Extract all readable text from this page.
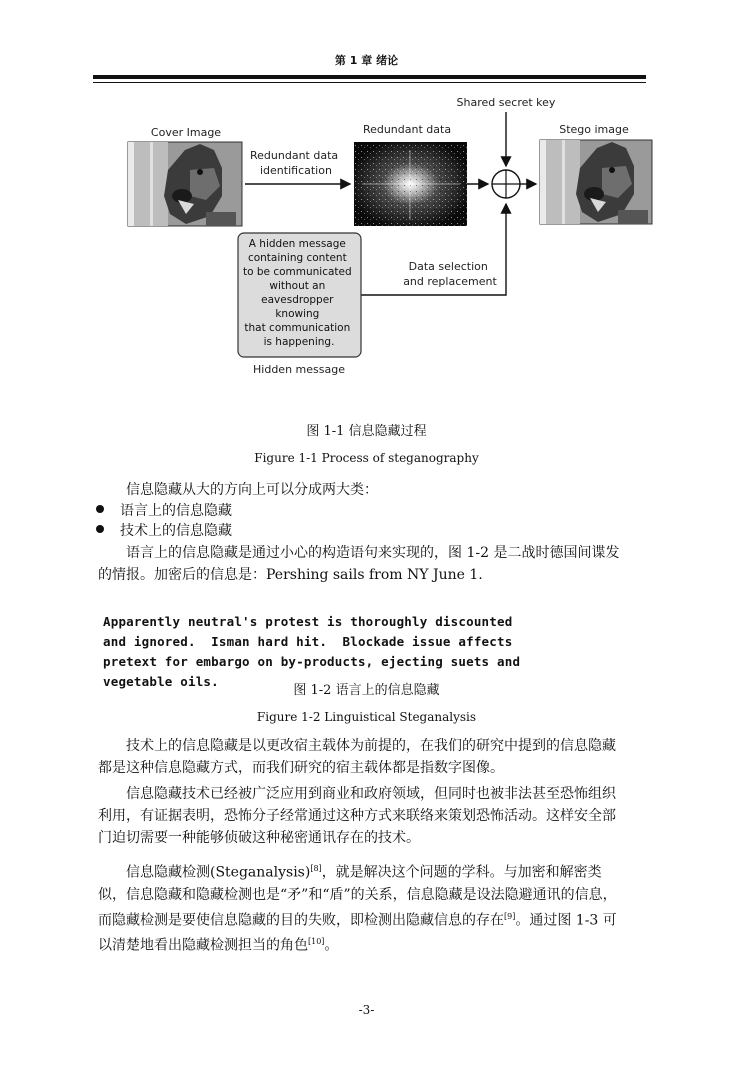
第 1 章 绪论
Shared secret key
Cover Image	Redundant data	Stego image
Redundant data identification
Data selection and replacement
A hidden message containing content to be communicated without an eavesdropper knowing that communication is happening.
Hidden message
图 1-1 信息隐藏过程
Figure 1-1 Process of steganography
信息隐藏从大的方向上可以分成两大类：
语言上的信息隐藏
技术上的信息隐藏
语言上的信息隐藏是通过小心的构造语句来实现的，图 1-2 是二战时德国间谍发的情报。加密后的信息是：Pershing sails from NY June 1.

Apparently neutral's protest is thoroughly discounted
and ignored.  Isman hard hit.  Blockade issue affects
pretext for embargo on by-products, ejecting suets and
vegetable oils.

图 1-2 语言上的信息隐藏
Figure 1-2 Linguistical Steganalysis
技术上的信息隐藏是以更改宿主载体为前提的，在我们的研究中提到的信息隐藏都是这种信息隐藏方式，而我们研究的宿主载体都是指数字图像。
信息隐藏技术已经被广泛应用到商业和政府领域，但同时也被非法甚至恐怖组织利用，有证据表明，恐怖分子经常通过这种方式来联络来策划恐怖活动。这样安全部门迫切需要一种能够侦破这种秘密通讯存在的技术。
信息隐藏检测(Steganalysis)[8]，就是解决这个问题的学科。与加密和解密类似，信息隐藏和隐藏检测也是“矛”和“盾”的关系，信息隐藏是设法隐避通讯的信息，而隐藏检测是要使信息隐藏的目的失败，即检测出隐藏信息的存在[9]。通过图 1-3 可以清楚地看出隐藏检测担当的角色[10]。
-3-
